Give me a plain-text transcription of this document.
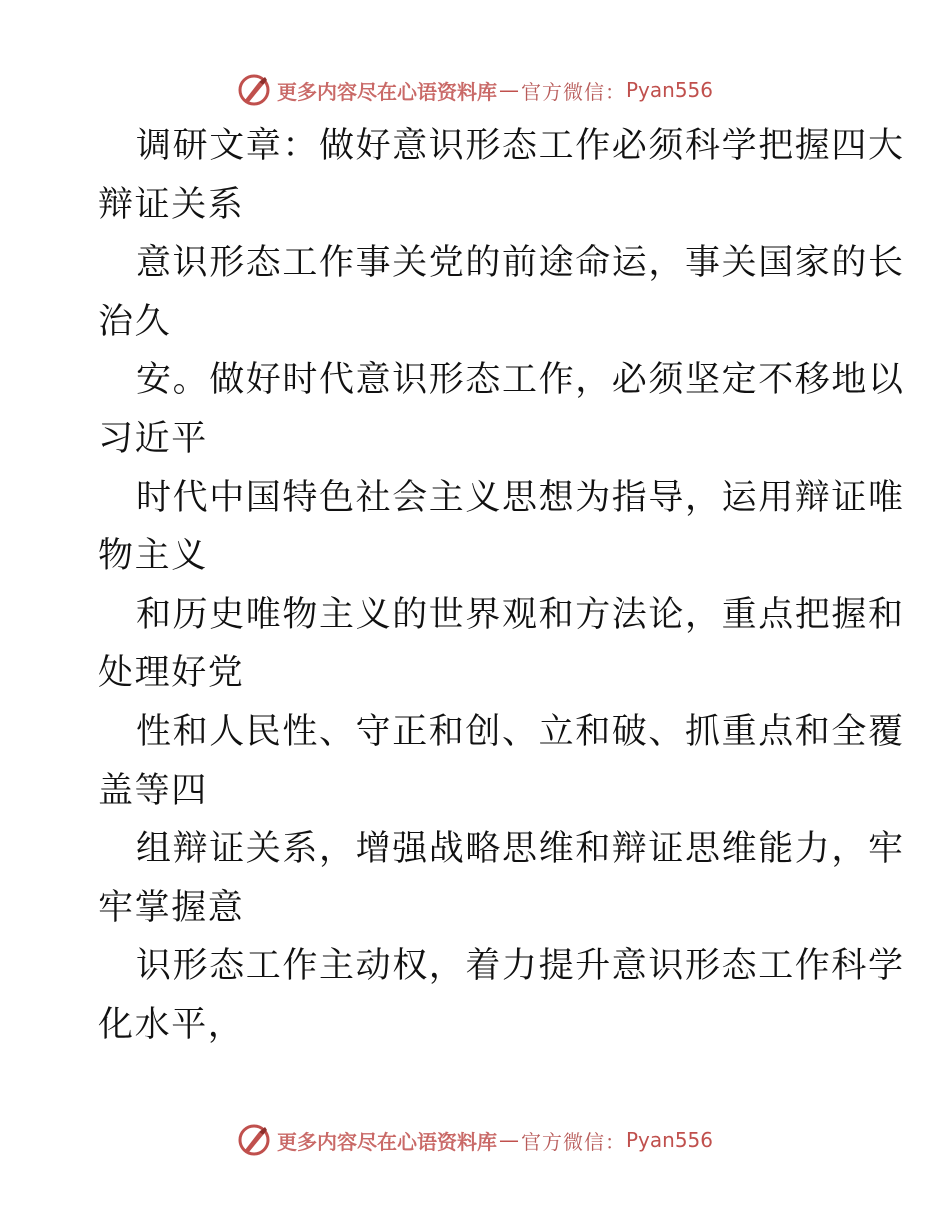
更多内容尽在心语资料库 — 官方微信： Pyan556
调研文章：做好意识形态工作必须科学把握四大
辩证关系
意识形态工作事关党的前途命运，事关国家的长
治久
安。做好时代意识形态工作，必须坚定不移地以
习近平
时代中国特色社会主义思想为指导，运用辩证唯
物主义
和历史唯物主义的世界观和方法论，重点把握和
处理好党
性和人民性、守正和创、立和破、抓重点和全覆
盖等四
组辩证关系，增强战略思维和辩证思维能力，牢
牢掌握意
识形态工作主动权，着力提升意识形态工作科学
化水平，
更多内容尽在心语资料库 — 官方微信： Pyan556
